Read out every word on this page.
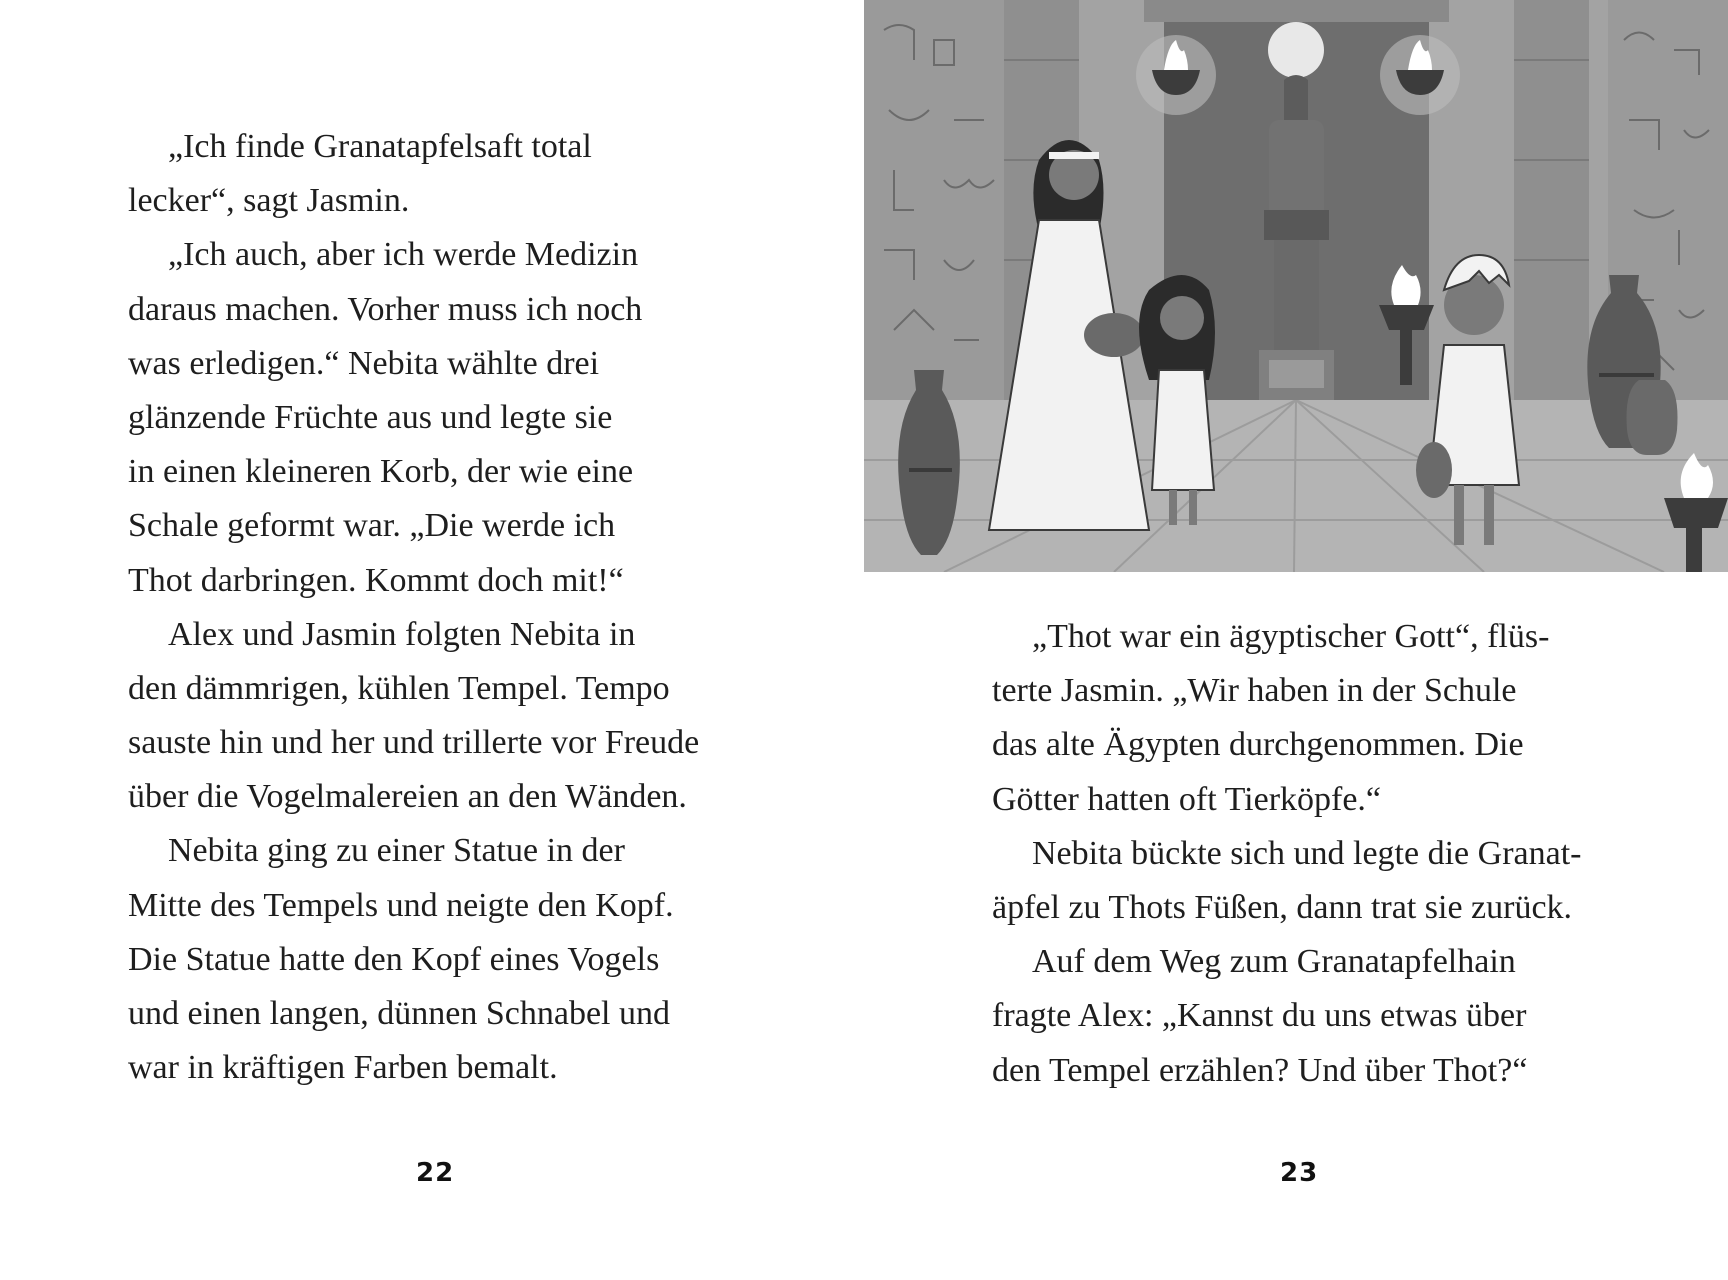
„Ich finde Granatapfelsaft total
lecker“, sagt Jasmin.
„Ich auch, aber ich werde Medizin
daraus machen. Vorher muss ich noch
was erledigen.“ Nebita wählte drei
glänzende Früchte aus und legte sie
in einen kleineren Korb, der wie eine
Schale geformt war. „Die werde ich
Thot darbringen. Kommt doch mit!“
Alex und Jasmin folgten Nebita in
den dämmrigen, kühlen Tempel. Tempo
sauste hin und her und trillerte vor Freude
über die Vogelmalereien an den Wänden.
Nebita ging zu einer Statue in der
Mitte des Tempels und neigte den Kopf.
Die Statue hatte den Kopf eines Vogels
und einen langen, dünnen Schnabel und
war in kräftigen Farben bemalt.
22
„Thot war ein ägyptischer Gott“, flüs-
terte Jasmin. „Wir haben in der Schule
das alte Ägypten durchgenommen. Die
Götter hatten oft Tierköpfe.“
Nebita bückte sich und legte die Granat-
äpfel zu Thots Füßen, dann trat sie zurück.
Auf dem Weg zum Granatapfelhain
fragte Alex: „Kannst du uns etwas über
den Tempel erzählen? Und über Thot?“
23
